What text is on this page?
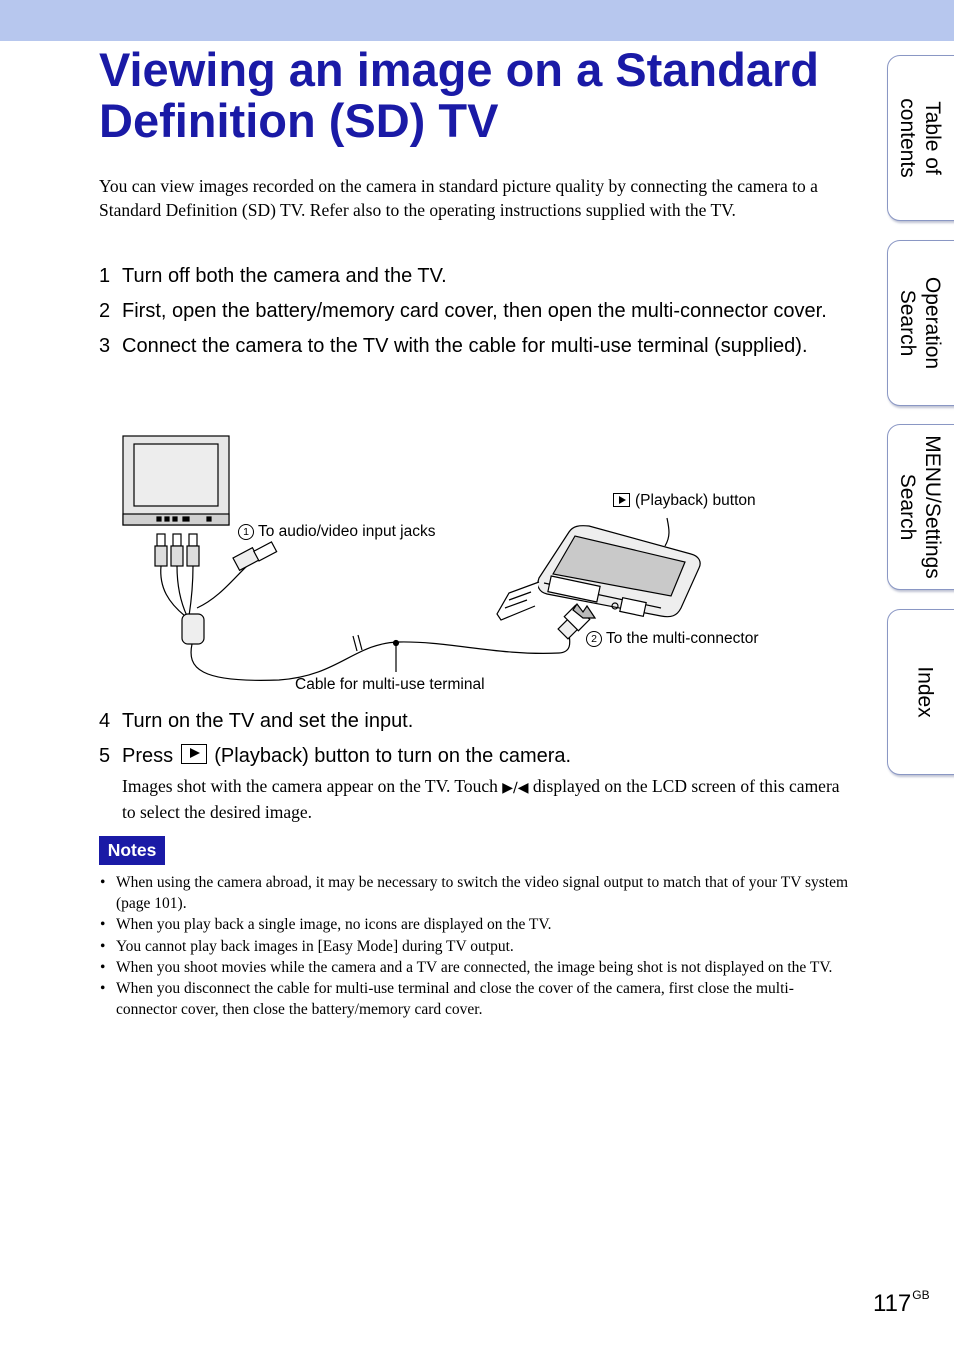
Viewing an image on a Standard Definition (SD) TV

You can view images recorded on the camera in standard picture quality by connecting the camera to a Standard Definition (SD) TV. Refer also to the operating instructions supplied with the TV.

1 Turn off both the camera and the TV.
2 First, open the battery/memory card cover, then open the multi-connector cover.
3 Connect the camera to the TV with the cable for multi-use terminal (supplied).
1 To audio/video input jacks
(Playback) button
2 To the multi-connector
Cable for multi-use terminal
4 Turn on the TV and set the input.
5 Press (Playback) button to turn on the camera.

Images shot with the camera appear on the TV. Touch ▶∕◀ displayed on the LCD screen of this camera to select the desired image.

Notes
• When using the camera abroad, it may be necessary to switch the video signal output to match that of your TV system (page 101).
• When you play back a single image, no icons are displayed on the TV.
• You cannot play back images in [Easy Mode] during TV output.
• When you shoot movies while the camera and a TV are connected, the image being shot is not displayed on the TV.
• When you disconnect the cable for multi-use terminal and close the cover of the camera, first close the multi-connector cover, then close the battery/memory card cover.
Table of
contents
Operation
Search
MENU/Settings
Search
Index
$117^{GB}$
